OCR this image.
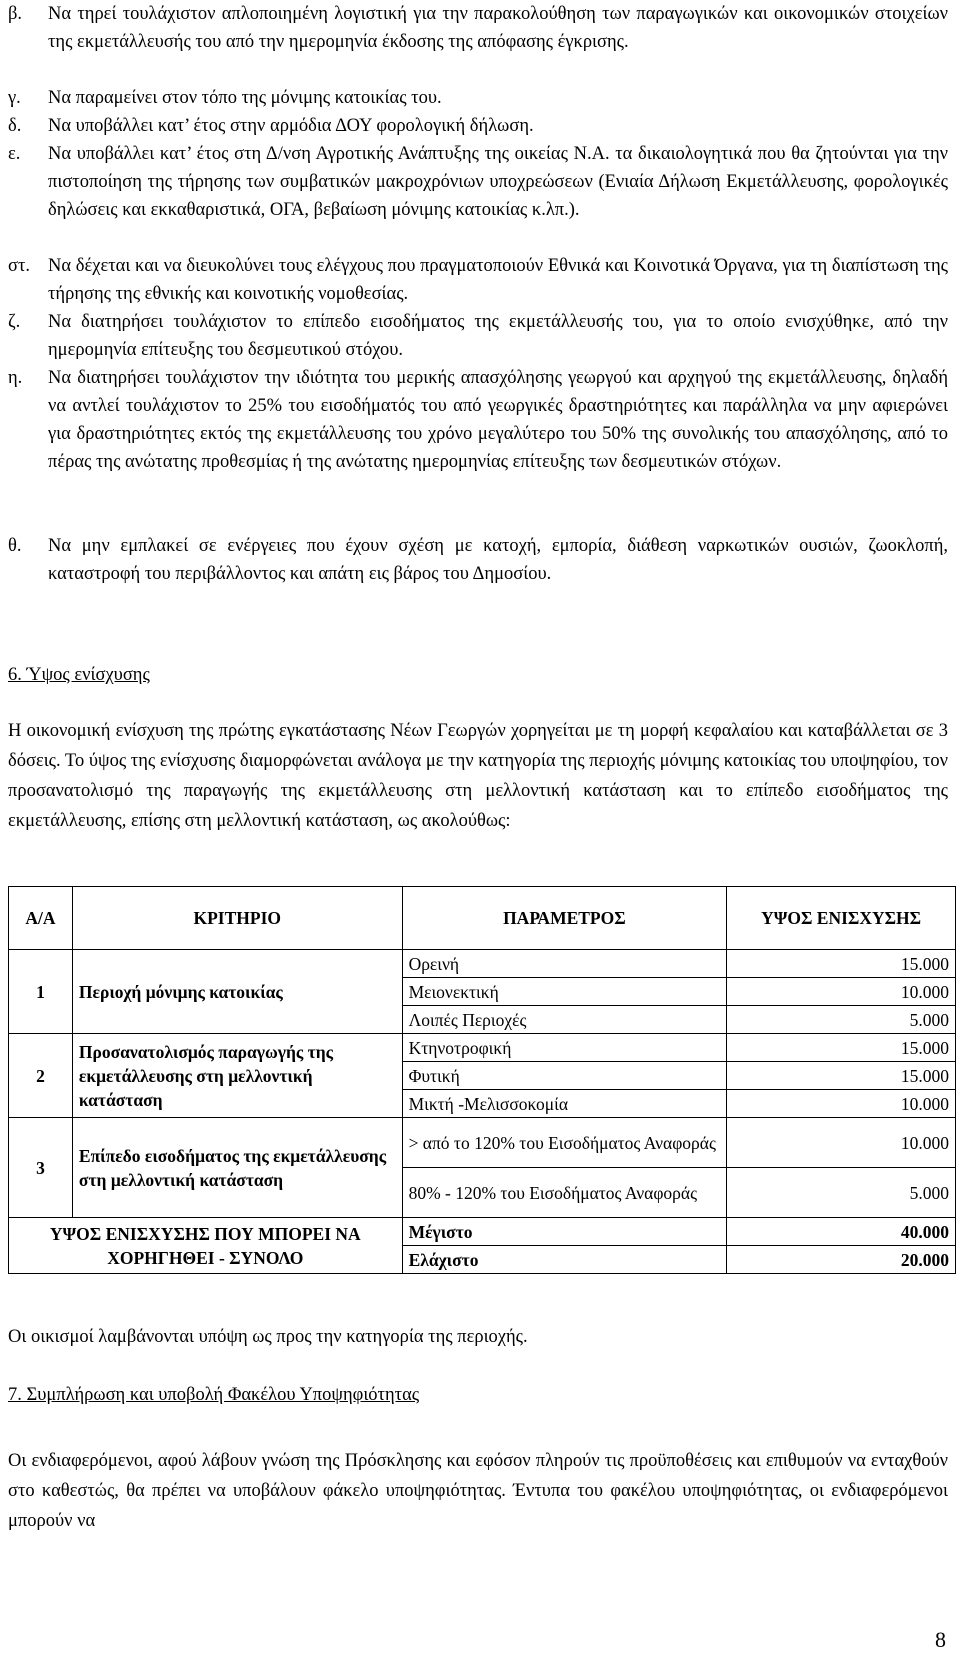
β. Να τηρεί τουλάχιστον απλοποιημένη λογιστική για την παρακολούθηση των παραγωγικών και οικονομικών στοιχείων της εκμετάλλευσής του από την ημερομηνία έκδοσης της απόφασης έγκρισης.
γ. Να παραμείνει στον τόπο της μόνιμης κατοικίας του.
δ. Να υποβάλλει κατ’ έτος στην αρμόδια ΔΟΥ φορολογική δήλωση.
ε. Να υποβάλλει κατ’ έτος στη Δ/νση Αγροτικής Ανάπτυξης της οικείας Ν.Α. τα δικαιολογητικά που θα ζητούνται για την πιστοποίηση της τήρησης των συμβατικών μακροχρόνιων υποχρεώσεων (Ενιαία Δήλωση Εκμετάλλευσης, φορολογικές δηλώσεις και εκκαθαριστικά, ΟΓΑ, βεβαίωση μόνιμης κατοικίας κ.λπ.).
στ. Να δέχεται και να διευκολύνει τους ελέγχους που πραγματοποιούν Εθνικά και Κοινοτικά Όργανα, για τη διαπίστωση της τήρησης της εθνικής και κοινοτικής νομοθεσίας.
ζ. Να διατηρήσει τουλάχιστον το επίπεδο εισοδήματος της εκμετάλλευσής του, για το οποίο ενισχύθηκε, από την ημερομηνία επίτευξης του δεσμευτικού στόχου.
η. Να διατηρήσει τουλάχιστον την ιδιότητα του μερικής απασχόλησης γεωργού και αρχηγού της εκμετάλλευσης, δηλαδή να αντλεί τουλάχιστον το 25% του εισοδήματός του από γεωργικές δραστηριότητες και παράλληλα να μην αφιερώνει για δραστηριότητες εκτός της εκμετάλλευσης του χρόνο μεγαλύτερο του 50% της συνολικής του απασχόλησης, από το πέρας της ανώτατης προθεσμίας ή της ανώτατης ημερομηνίας επίτευξης των δεσμευτικών στόχων.
θ. Να μην εμπλακεί σε ενέργειες που έχουν σχέση με κατοχή, εμπορία, διάθεση ναρκωτικών ουσιών, ζωοκλοπή, καταστροφή του περιβάλλοντος και απάτη εις βάρος του Δημοσίου.
6. Ύψος ενίσχυσης
Η οικονομική ενίσχυση της πρώτης εγκατάστασης Νέων Γεωργών χορηγείται με τη μορφή κεφαλαίου και καταβάλλεται σε 3 δόσεις. Το ύψος της ενίσχυσης διαμορφώνεται ανάλογα με την κατηγορία της περιοχής μόνιμης κατοικίας του υποψηφίου, τον προσανατολισμό της παραγωγής της εκμετάλλευσης στη μελλοντική κατάσταση και το επίπεδο εισοδήματος της εκμετάλλευσης, επίσης στη μελλοντική κατάσταση, ως ακολούθως:
Α/Α	ΚΡΙΤΗΡΙΟ	ΠΑΡΑΜΕΤΡΟΣ	ΥΨΟΣ ΕΝΙΣΧΥΣΗΣ
1	Περιοχή μόνιμης κατοικίας	Ορεινή	15.000
		Μειονεκτική	10.000
		Λοιπές Περιοχές	5.000
2	Προσανατολισμός παραγωγής της εκμετάλλευσης στη μελλοντική κατάσταση	Κτηνοτροφική	15.000
		Φυτική	15.000
		Μικτή -Μελισσοκομία	10.000
3	Επίπεδο εισοδήματος της εκμετάλλευσης στη μελλοντική κατάσταση	> από το 120% του Εισοδήματος Αναφοράς	10.000
		80% - 120% του Εισοδήματος Αναφοράς	5.000
ΥΨΟΣ ΕΝΙΣΧΥΣΗΣ ΠΟΥ ΜΠΟΡΕΙ ΝΑ ΧΟΡΗΓΗΘΕΙ - ΣΥΝΟΛΟ		Μέγιστο	40.000
		Ελάχιστο	20.000
Οι οικισμοί λαμβάνονται υπόψη ως προς την κατηγορία της περιοχής.
7. Συμπλήρωση και υποβολή Φακέλου Υποψηφιότητας
Οι ενδιαφερόμενοι, αφού λάβουν γνώση της Πρόσκλησης και εφόσον πληρούν τις προϋποθέσεις και επιθυμούν να ενταχθούν στο καθεστώς, θα πρέπει να υποβάλουν φάκελο υποψηφιότητας. Έντυπα του φακέλου υποψηφιότητας, οι ενδιαφερόμενοι μπορούν να
8
